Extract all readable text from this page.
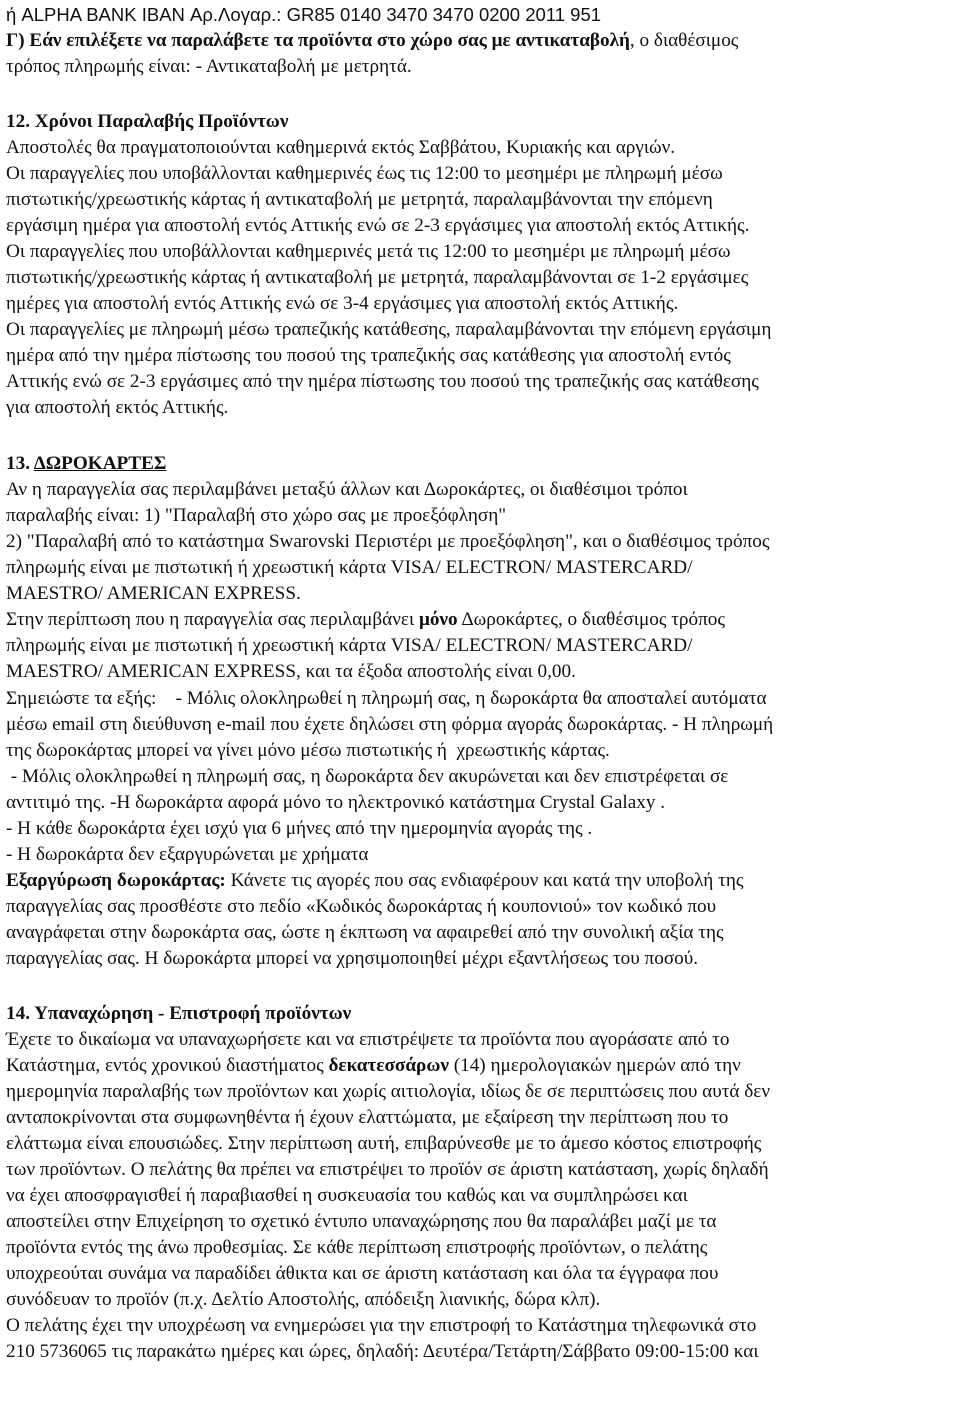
ή ALPHA BANK IBAN Αρ.Λογαρ.: GR85 0140 3470 3470 0200 2011 951
Γ) Εάν επιλέξετε να παραλάβετε τα προϊόντα στο χώρο σας με αντικαταβολή, ο διαθέσιμος
τρόπος πληρωμής είναι: - Αντικαταβολή με μετρητά.
12. Χρόνοι Παραλαβής Προϊόντων
Αποστολές θα πραγματοποιούνται καθημερινά εκτός Σαββάτου, Κυριακής και αργιών.
Οι παραγγελίες που υποβάλλονται καθημερινές έως τις 12:00 το μεσημέρι με πληρωμή μέσω
πιστωτικής/χρεωστικής κάρτας ή αντικαταβολή με μετρητά, παραλαμβάνονται την επόμενη
εργάσιμη ημέρα για αποστολή εντός Αττικής ενώ σε 2-3 εργάσιμες για αποστολή εκτός Αττικής.
Οι παραγγελίες που υποβάλλονται καθημερινές μετά τις 12:00 το μεσημέρι με πληρωμή μέσω
πιστωτικής/χρεωστικής κάρτας ή αντικαταβολή με μετρητά, παραλαμβάνονται σε 1-2 εργάσιμες
ημέρες για αποστολή εντός Αττικής ενώ σε 3-4 εργάσιμες για αποστολή εκτός Αττικής.
Οι παραγγελίες με πληρωμή μέσω τραπεζικής κατάθεσης, παραλαμβάνονται την επόμενη εργάσιμη
ημέρα από την ημέρα πίστωσης του ποσού της τραπεζικής σας κατάθεσης για αποστολή εντός
Αττικής ενώ σε 2-3 εργάσιμες από την ημέρα πίστωσης του ποσού της τραπεζικής σας κατάθεσης
για αποστολή εκτός Αττικής.
13. ΔΩΡΟΚΑΡΤΕΣ
Αν η παραγγελία σας περιλαμβάνει μεταξύ άλλων και Δωροκάρτες, οι διαθέσιμοι τρόποι
παραλαβής είναι: 1) "Παραλαβή στο χώρο σας με προεξόφληση"
2) "Παραλαβή από το κατάστημα Swarovski Περιστέρι με προεξόφληση", και ο διαθέσιμος τρόπος
πληρωμής είναι με πιστωτική ή χρεωστική κάρτα VISA/ ELECTRON/ MASTERCARD/
MAESTRO/ AMERICAN EXPRESS.
Στην περίπτωση που η παραγγελία σας περιλαμβάνει μόνο Δωροκάρτες, ο διαθέσιμος τρόπος
πληρωμής είναι με πιστωτική ή χρεωστική κάρτα VISA/ ELECTRON/ MASTERCARD/
MAESTRO/ AMERICAN EXPRESS, και τα έξοδα αποστολής είναι 0,00.
Σημειώστε τα εξής:    - Μόλις ολοκληρωθεί η πληρωμή σας, η δωροκάρτα θα αποσταλεί αυτόματα
μέσω email στη διεύθυνση e-mail που έχετε δηλώσει στη φόρμα αγοράς δωροκάρτας. - Η πληρωμή
της δωροκάρτας μπορεί να γίνει μόνο μέσω πιστωτικής ή  χρεωστικής κάρτας.
- Μόλις ολοκληρωθεί η πληρωμή σας, η δωροκάρτα δεν ακυρώνεται και δεν επιστρέφεται σε
αντιτιμό της. -Η δωροκάρτα αφορά μόνο το ηλεκτρονικό κατάστημα Crystal Galaxy .
- Η κάθε δωροκάρτα έχει ισχύ για 6 μήνες από την ημερομηνία αγοράς της .
- Η δωροκάρτα δεν εξαργυρώνεται με χρήματα
Εξαργύρωση δωροκάρτας: Κάνετε τις αγορές που σας ενδιαφέρουν και κατά την υποβολή της
παραγγελίας σας προσθέστε στο πεδίο «Κωδικός δωροκάρτας ή κουπονιού» τον κωδικό που
αναγράφεται στην δωροκάρτα σας, ώστε η έκπτωση να αφαιρεθεί από την συνολική αξία της
παραγγελίας σας. Η δωροκάρτα μπορεί να χρησιμοποιηθεί μέχρι εξαντλήσεως του ποσού.
14. Υπαναχώρηση - Επιστροφή προϊόντων
Έχετε το δικαίωμα να υπαναχωρήσετε και να επιστρέψετε τα προϊόντα που αγοράσατε από το
Κατάστημα, εντός χρονικού διαστήματος δεκατεσσάρων (14) ημερολογιακών ημερών από την
ημερομηνία παραλαβής των προϊόντων και χωρίς αιτιολογία, ιδίως δε σε περιπτώσεις που αυτά δεν
ανταποκρίνονται στα συμφωνηθέντα ή έχουν ελαττώματα, με εξαίρεση την περίπτωση που το
ελάττωμα είναι επουσιώδες. Στην περίπτωση αυτή, επιβαρύνεσθε με το άμεσο κόστος επιστροφής
των προϊόντων. Ο πελάτης θα πρέπει να επιστρέψει το προϊόν σε άριστη κατάσταση, χωρίς δηλαδή
να έχει αποσφραγισθεί ή παραβιασθεί η συσκευασία του καθώς και να συμπληρώσει και
αποστείλει στην Επιχείρηση το σχετικό έντυπο υπαναχώρησης που θα παραλάβει μαζί με τα
προϊόντα εντός της άνω προθεσμίας. Σε κάθε περίπτωση επιστροφής προϊόντων, ο πελάτης
υποχρεούται συνάμα να παραδίδει άθικτα και σε άριστη κατάσταση και όλα τα έγγραφα που
συνόδευαν το προϊόν (π.χ. Δελτίο Αποστολής, απόδειξη λιανικής, δώρα κλπ).
Ο πελάτης έχει την υποχρέωση να ενημερώσει για την επιστροφή το Κατάστημα τηλεφωνικά στο
210 5736065 τις παρακάτω ημέρες και ώρες, δηλαδή: Δευτέρα/Τετάρτη/Σάββατο 09:00-15:00 και
